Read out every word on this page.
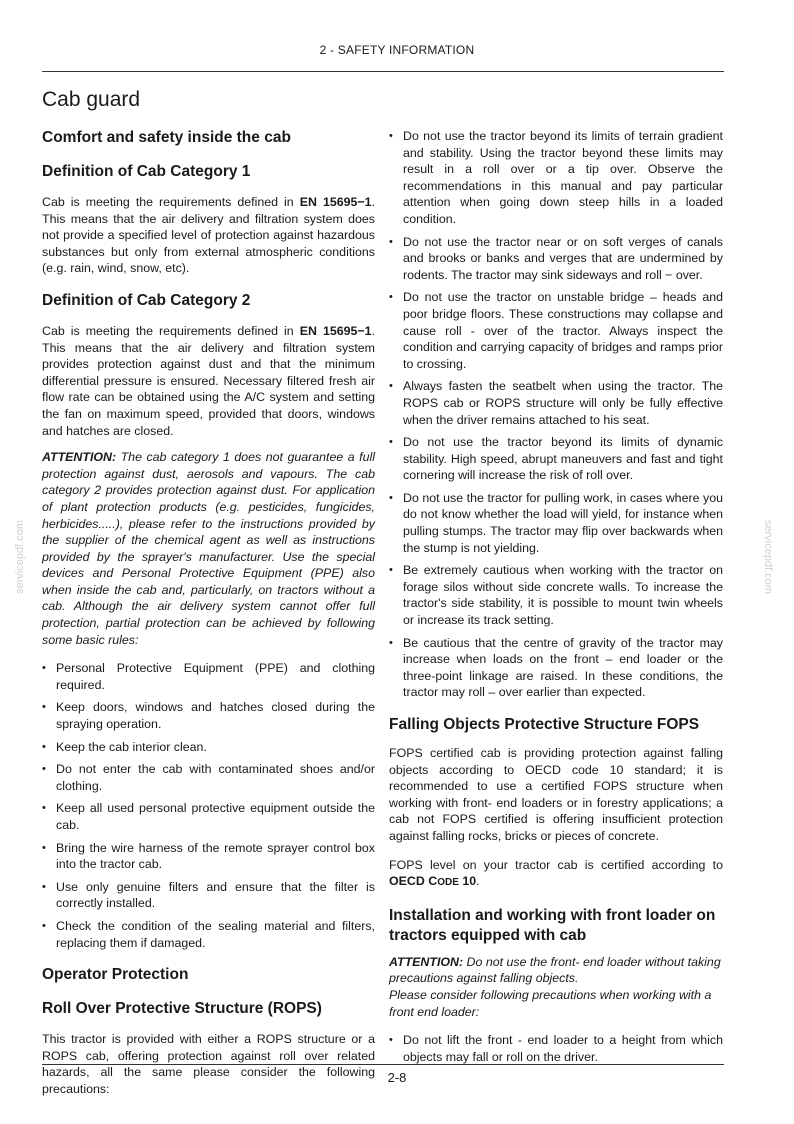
2 - SAFETY INFORMATION
Cab guard
servicepdf.com	servicepdf.com
Comfort and safety inside the cab
Definition of Cab Category 1

Cab is meeting the requirements defined in EN 15695−1. This means that the air delivery and filtration system does not provide a specified level of protection against hazardous substances but only from external atmospheric conditions (e.g. rain, wind, snow, etc).

Definition of Cab Category 2

Cab is meeting the requirements defined in EN 15695−1. This means that the air delivery and filtration system provides protection against dust and that the minimum differential pressure is ensured. Necessary filtered fresh air flow rate can be obtained using the A/C system and setting the fan on maximum speed, provided that doors, windows and hatches are closed.

ATTENTION: The cab category 1 does not guarantee a full protection against dust, aerosols and vapours. The cab category 2 provides protection against dust. For application of plant protection products (e.g. pesticides, fungicides, herbicides.....), please refer to the instructions provided by the supplier of the chemical agent as well as instructions provided by the sprayer's manufacturer. Use the special devices and Personal Protective Equipment (PPE) also when inside the cab and, particularly, on tractors without a cab. Although the air delivery system cannot offer full protection, partial protection can be achieved by following some basic rules:

• Personal Protective Equipment (PPE) and clothing required.
• Keep doors, windows and hatches closed during the spraying operation.
• Keep the cab interior clean.
• Do not enter the cab with contaminated shoes and/or clothing.
• Keep all used personal protective equipment outside the cab.
• Bring the wire harness of the remote sprayer control box into the tractor cab.
• Use only genuine filters and ensure that the filter is correctly installed.
• Check the condition of the sealing material and filters, replacing them if damaged.
Operator Protection
Roll Over Protective Structure (ROPS)

This tractor is provided with either a ROPS structure or a ROPS cab, offering protection against roll over related hazards, all the same please consider the following precautions:

• Do not use the tractor beyond its limits of terrain gradient and stability. Using the tractor beyond these limits may result in a roll over or a tip over. Observe the recommendations in this manual and pay particular attention when going down steep hills in a loaded condition.
• Do not use the tractor near or on soft verges of canals and brooks or banks and verges that are undermined by rodents. The tractor may sink sideways and roll − over.
• Do not use the tractor on unstable bridge – heads and poor bridge floors. These constructions may collapse and cause roll - over of the tractor. Always inspect the condition and carrying capacity of bridges and ramps prior to crossing.
• Always fasten the seatbelt when using the tractor. The ROPS cab or ROPS structure will only be fully effective when the driver remains attached to his seat.
• Do not use the tractor beyond its limits of dynamic stability. High speed, abrupt maneuvers and fast and tight cornering will increase the risk of roll over.
• Do not use the tractor for pulling work, in cases where you do not know whether the load will yield, for instance when pulling stumps. The tractor may flip over backwards when the stump is not yielding.
• Be extremely cautious when working with the tractor on forage silos without side concrete walls. To increase the tractor's side stability, it is possible to mount twin wheels or increase its track setting.
• Be cautious that the centre of gravity of the tractor may increase when loads on the front – end loader or the three-point linkage are raised. In these conditions, the tractor may roll – over earlier than expected.
Falling Objects Protective Structure FOPS

FOPS certified cab is providing protection against falling objects according to OECD code 10 standard; it is recommended to use a certified FOPS structure when working with front- end loaders or in forestry applications; a cab not FOPS certified is offering insufficient protection against falling rocks, bricks or pieces of concrete.

FOPS level on your tractor cab is certified according to OECD CODE 10.

Installation and working with front loader on tractors equipped with cab

ATTENTION: Do not use the front- end loader without taking precautions against falling objects.

Please consider following precautions when working with a front end loader:

• Do not lift the front - end loader to a height from which objects may fall or roll on the driver.
2-8
